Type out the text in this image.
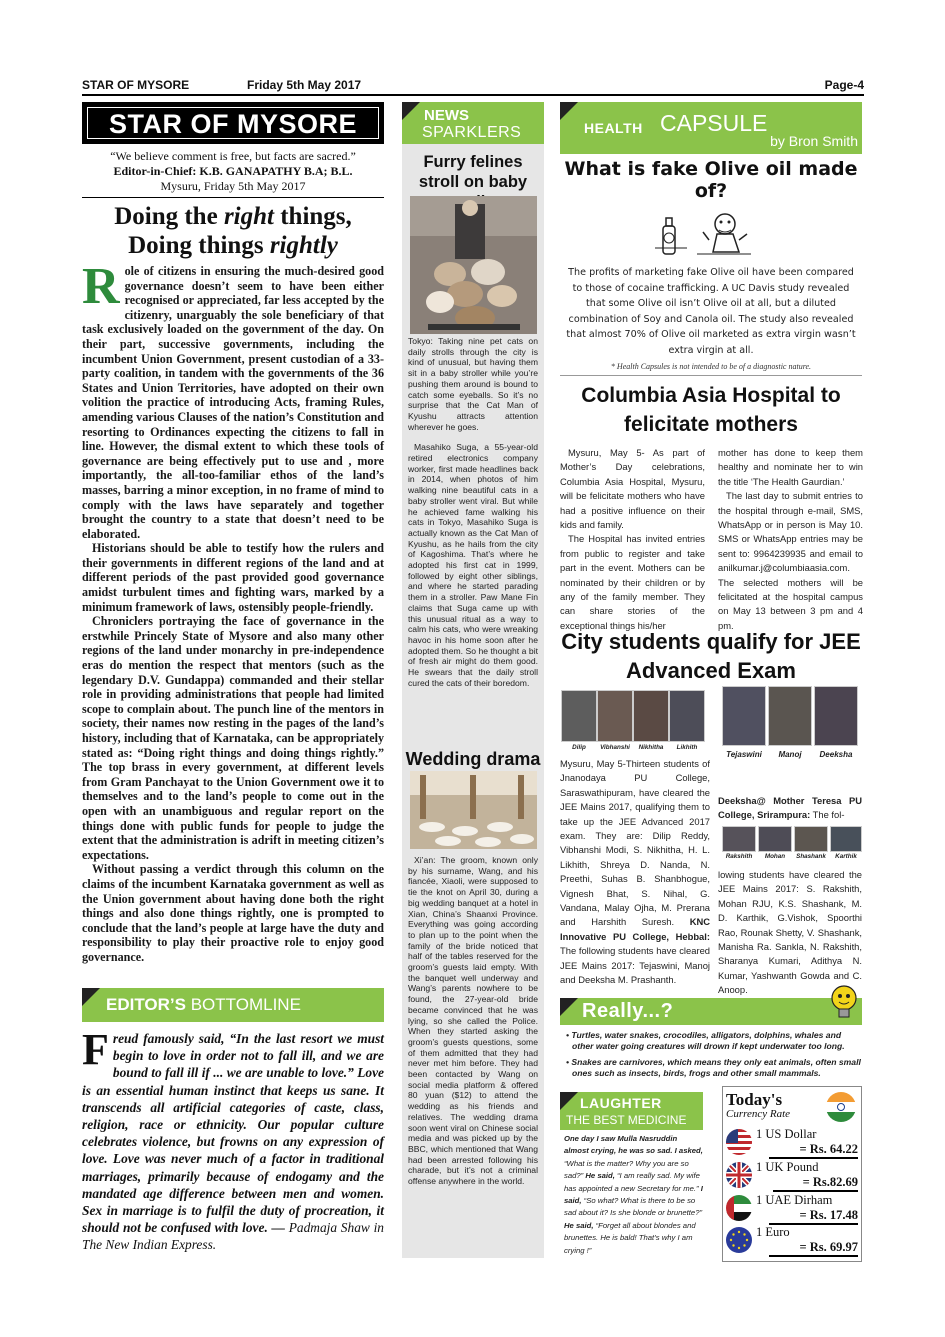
STAR OF MYSORE	Friday 5th May 2017	Page-4
STAR OF MYSORE
“We believe comment is free, but facts are sacred.”
Editor-in-Chief: K.B. GANAPATHY B.A; B.L.
Mysuru, Friday 5th May 2017
Doing the right things,
Doing things rightly

Role of citizens in ensuring the much-desired good governance doesn’t seem to have been either recognised or appreciated, far less accepted by the citizenry, unarguably the sole beneficiary of that task exclusively loaded on the government of the day. On their part, successive governments, including the incumbent Union Government, present custodian of a 33-party coalition, in tandem with the governments of the 36 States and Union Territories, have adopted on their own volition the practice of introducing Acts, framing Rules, amending various Clauses of the nation’s Constitution and resorting to Ordinances expecting the citizens to fall in line. However, the dismal extent to which these tools of governance are being effectively put to use and , more importantly, the all-too-familiar ethos of the land’s masses, barring a minor exception, in no frame of mind to comply with the laws have separately and together brought the country to a state that doesn’t need to be elaborated.

Historians should be able to testify how the rulers and their governments in different regions of the land and at different periods of the past provided good governance amidst turbulent times and fighting wars, marked by a minimum framework of laws, ostensibly people-friendly.

Chroniclers portraying the face of governance in the erstwhile Princely State of Mysore and also many other regions of the land under monarchy in pre-independence eras do mention the respect that mentors (such as the legendary D.V. Gundappa) commanded and their stellar role in providing administrations that people had limited scope to complain about. The punch line of the mentors in society, their names now resting in the pages of the land’s history, including that of Karnataka, can be appropriately stated as: “Doing right things and doing things rightly.” The top brass in every government, at different levels from Gram Panchayat to the Union Government owe it to themselves and to the land’s people to come out in the open with an unambiguous and regular report on the things done with public funds for people to judge the extent that the administration is adrift in meeting citizen’s expectations.

Without passing a verdict through this column on the claims of the incumbent Karnataka government as well as the Union government about having done both the right things and also done things rightly, one is prompted to conclude that the land’s people at large have the duty and responsibility to play their proactive role to enjoy good governance.

EDITOR’S BOTTOMLINE
Freud famously said, “In the last resort we must begin to love in order not to fall ill, and we are bound to fall ill if ... we are unable to love.” Love is an essential human instinct that keeps us sane. It transcends all artificial categories of caste, class, religion, race or ethnicity. Our popular culture celebrates violence, but frowns on any expression of love. Love was never much of a factor in traditional marriages, primarily because of endogamy and the mandated age difference between men and women. Sex in marriage is to fulfil the duty of procreation, it should not be confused with love. — Padmaja Shaw in The New Indian Express.
NEWS
SPARKLERS
Furry felines stroll on baby

Tokyo: Taking nine pet cats on daily strolls through the city is kind of unusual, but having them sit in a baby stroller while you’re pushing them around is bound to catch some eyeballs. So it’s no surprise that the Cat Man of Kyushu attracts attention wherever he goes.

Masahiko Suga, a 55-year-old retired electronics company worker, first made headlines back in 2014, when photos of him walking nine beautiful cats in a baby stroller went viral. But while he achieved fame walking his cats in Tokyo, Masahiko Suga is actually known as the Cat Man of Kyushu, as he hails from the city of Kagoshima. That’s where he adopted his first cat in 1999, followed by eight other siblings, and where he started parading them in a stroller. Paw Mane Fin claims that Suga came up with this unusual ritual as a way to calm his cats, who were wreaking havoc in his home soon after he adopted them. So he thought a bit of fresh air might do them good. He swears that the daily stroll cured the cats of their boredom.

Wedding drama
Xi’an: The groom, known only by his surname, Wang, and his fiancée, Xiaoli, were supposed to tie the knot on April 30, during a big wedding banquet at a hotel in Xian, China’s Shaanxi Province. Everything was going according to plan up to the point when the family of the bride noticed that half of the tables reserved for the groom’s guests laid empty. With the banquet well underway and Wang’s parents nowhere to be found, the 27-year-old bride became convinced that he was lying, so she called the Police. When they started asking the groom’s guests questions, some of them admitted that they had never met him before. They had been contacted by Wang on social media platform & offered 80 yuan ($12) to attend the wedding as his friends and relatives. The wedding drama soon went viral on Chinese social media and was picked up by the BBC, which mentioned that Wang had been arrested following his charade, but it’s not a criminal offense anywhere in the world.
HEALTH CAPSULE
by Bron Smith
What is fake Olive oil made of?
The profits of marketing fake Olive oil have been compared to those of cocaine trafficking. A UC Davis study revealed that some Olive oil isn’t Olive oil at all, but a diluted combination of Soy and Canola oil. The study also revealed that almost 70% of Olive oil marketed as extra virgin wasn’t extra virgin at all.
* Health Capsules is not intended to be of a diagnostic nature.
Columbia Asia Hospital to felicitate mothers

Mysuru, May 5- As part of Mother’s Day celebrations, Columbia Asia Hospital, Mysuru, will be felicitate mothers who have had a positive influence on their kids and family.

The Hospital has invited entries from public to register and take part in the event. Mothers can be nominated by their children or by any of the family member. They can share stories of the exceptional things his/her

mother has done to keep them healthy and nominate her to win the title ‘The Health Gaurdian.’

The last day to submit entries to the hospital through e-mail, SMS, WhatsApp or in person is May 10. SMS or WhatsApp entries may be sent to: 9964239935 and email to anilkumar.j@columbiaasia.com. The selected mothers will be felicitated at the hospital campus on May 13 between 3 pm and 4 pm.

City students qualify for JEE Advanced Exam
Dilip	Vibhanshi	Nikhitha	Likhith
Tejaswini	Manoj	Deeksha
Mysuru, May 5-Thirteen students of Jnanodaya PU College, Saraswathipuram, have cleared the JEE Mains 2017, qualifying them to take up the JEE Advanced 2017 exam. They are: Dilip Reddy, Vibhanshi Modi, S. Nikhitha, H. L. Likhith, Shreya D. Nanda, N. Preethi, Suhas B. Shanbhogue, Vignesh Bhat, S. Nihal, G. Vandana, Malay Ojha, M. Prerana and Harshith Suresh. KNC Innovative PU College, Hebbal: The following students have cleared JEE Mains 2017: Tejaswini, Manoj and Deeksha M. Prashanth.
Deeksha@ Mother Teresa PU College, Srirampura: The fol-
Rakshith	Mohan	Shashank	Karthik
lowing students have cleared the JEE Mains 2017: S. Rakshith, Mohan RJU, K.S. Shashank, M. D. Karthik, G.Vishok, Spoorthi Rao, Rounak Shetty, V. Shashank, Manisha Ra. Sankla, N. Rakshith, Sharanya Kumari, Adithya N. Kumar, Yashwanth Gowda and C. Anoop.
Really...?
• Turtles, water snakes, crocodiles, alligators, dolphins, whales and other water going creatures will drown if kept underwater too long.
• Snakes are carnivores, which means they only eat animals, often small ones such as insects, birds, frogs and other small mammals.
LAUGHTER
THE BEST MEDICINE
One day I saw Mulla Nasruddin almost crying, he was so sad. I asked, “What is the matter? Why you are so sad?” He said, “I am really sad. My wife has appointed a new Secretary for me.” I said, “So what? What is there to be so sad about it? Is she blonde or brunette?” He said, “Forget all about blondes and brunettes. He is bald! That’s why I am crying !”
Today's
Currency Rate
1 US Dollar
= Rs. 64.22
1 UK Pound
= Rs.82.69
1 UAE Dirham
= Rs. 17.48
1 Euro
= Rs. 69.97
